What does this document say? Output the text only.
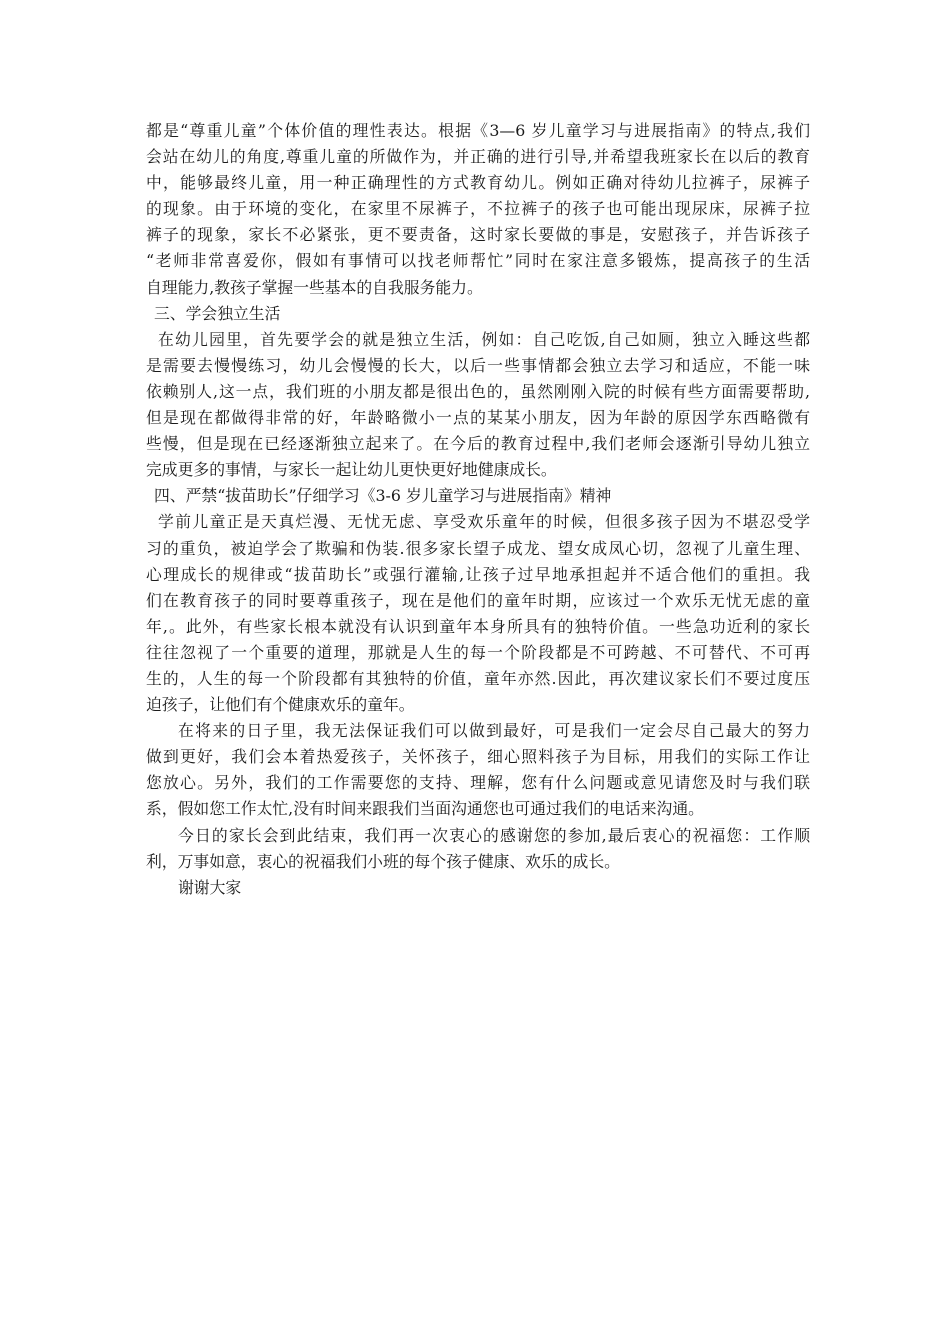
都是“尊重儿童”个体价值的理性表达。根据《3—6 岁儿童学习与进展指南》的特点,我们
会站在幼儿的角度,尊重儿童的所做作为，并正确的进行引导,并希望我班家长在以后的教育
中，能够最终儿童，用一种正确理性的方式教育幼儿。例如正确对待幼儿拉裤子，尿裤子
的现象。由于环境的变化，在家里不尿裤子，不拉裤子的孩子也可能出现尿床，尿裤子拉
裤子的现象，家长不必紧张，更不要责备，这时家长要做的事是，安慰孩子，并告诉孩子
“老师非常喜爱你，假如有事情可以找老师帮忙”同时在家注意多锻炼，提高孩子的生活
自理能力,教孩子掌握一些基本的自我服务能力。
三、学会独立生活
在幼儿园里，首先要学会的就是独立生活，例如：自己吃饭,自己如厕，独立入睡这些都
是需要去慢慢练习，幼儿会慢慢的长大，以后一些事情都会独立去学习和适应，不能一味
依赖别人,这一点，我们班的小朋友都是很出色的，虽然刚刚入院的时候有些方面需要帮助,
但是现在都做得非常的好，年龄略微小一点的某某小朋友，因为年龄的原因学东西略微有
些慢，但是现在已经逐渐独立起来了。在今后的教育过程中,我们老师会逐渐引导幼儿独立
完成更多的事情，与家长一起让幼儿更快更好地健康成长。
四、严禁“拔苗助长”仔细学习《3-6 岁儿童学习与进展指南》精神
学前儿童正是天真烂漫、无忧无虑、享受欢乐童年的时候，但很多孩子因为不堪忍受学
习的重负，被迫学会了欺骗和伪装.很多家长望子成龙、望女成凤心切，忽视了儿童生理、
心理成长的规律或“拔苗助长”或强行灌输,让孩子过早地承担起并不适合他们的重担。我
们在教育孩子的同时要尊重孩子，现在是他们的童年时期，应该过一个欢乐无忧无虑的童
年,。此外，有些家长根本就没有认识到童年本身所具有的独特价值。一些急功近利的家长
往往忽视了一个重要的道理，那就是人生的每一个阶段都是不可跨越、不可替代、不可再
生的，人生的每一个阶段都有其独特的价值，童年亦然.因此，再次建议家长们不要过度压
迫孩子，让他们有个健康欢乐的童年。
在将来的日子里，我无法保证我们可以做到最好，可是我们一定会尽自己最大的努力
做到更好，我们会本着热爱孩子，关怀孩子，细心照料孩子为目标，用我们的实际工作让
您放心。另外，我们的工作需要您的支持、理解，您有什么问题或意见请您及时与我们联
系，假如您工作太忙,没有时间来跟我们当面沟通您也可通过我们的电话来沟通。
今日的家长会到此结束，我们再一次衷心的感谢您的参加,最后衷心的祝福您：工作顺
利，万事如意，衷心的祝福我们小班的每个孩子健康、欢乐的成长。
谢谢大家
